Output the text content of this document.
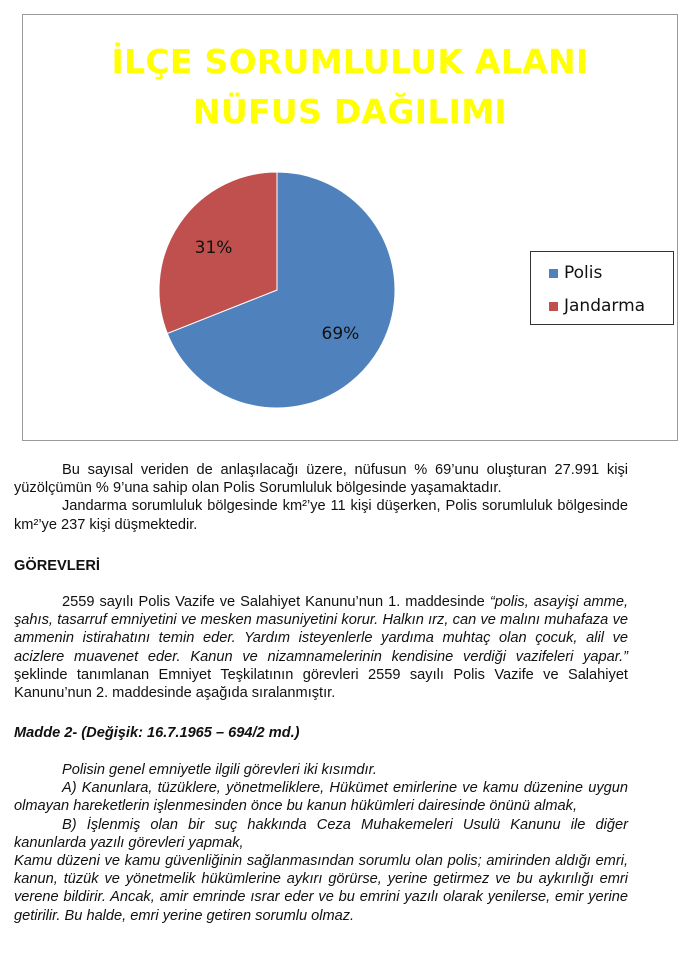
İLÇE SORUMLULUK ALANI
NÜFUS DAĞILIMI
69%
31%
Polis
Jandarma

Bu sayısal veriden de anlaşılacağı üzere, nüfusun % 69’unu oluşturan 27.991 kişi yüzölçümün % 9’una sahip olan Polis Sorumluluk bölgesinde yaşamaktadır.

Jandarma sorumluluk bölgesinde km²’ye 11 kişi düşerken, Polis sorumluluk bölgesinde km²’ye 237 kişi düşmektedir.

GÖREVLERİ

2559 sayılı Polis Vazife ve Salahiyet Kanunu’nun 1. maddesinde “polis, asayişi amme, şahıs, tasarruf emniyetini ve mesken masuniyetini korur. Halkın ırz, can ve malını muhafaza ve ammenin istirahatını temin eder. Yardım isteyenlerle yardıma muhtaç olan çocuk, alil ve acizlere muavenet eder. Kanun ve nizamnamelerinin kendisine verdiği vazifeleri yapar.” şeklinde tanımlanan Emniyet Teşkilatının görevleri 2559 sayılı Polis Vazife ve Salahiyet Kanunu’nun 2. maddesinde aşağıda sıralanmıştır.

Madde 2- (Değişik: 16.7.1965 – 694/2 md.)

Polisin genel emniyetle ilgili görevleri iki kısımdır.

A) Kanunlara, tüzüklere, yönetmeliklere, Hükümet emirlerine ve kamu düzenine uygun olmayan hareketlerin işlenmesinden önce bu kanun hükümleri dairesinde önünü almak,

B) İşlenmiş olan bir suç hakkında Ceza Muhakemeleri Usulü Kanunu ile diğer kanunlarda yazılı görevleri yapmak,

Kamu düzeni ve kamu güvenliğinin sağlanmasından sorumlu olan polis; amirinden aldığı emri, kanun, tüzük ve yönetmelik hükümlerine aykırı görürse, yerine getirmez ve bu aykırılığı emri verene bildirir. Ancak, amir emrinde ısrar eder ve bu emrini yazılı olarak yenilerse, emir yerine getirilir. Bu halde, emri yerine getiren sorumlu olmaz.
